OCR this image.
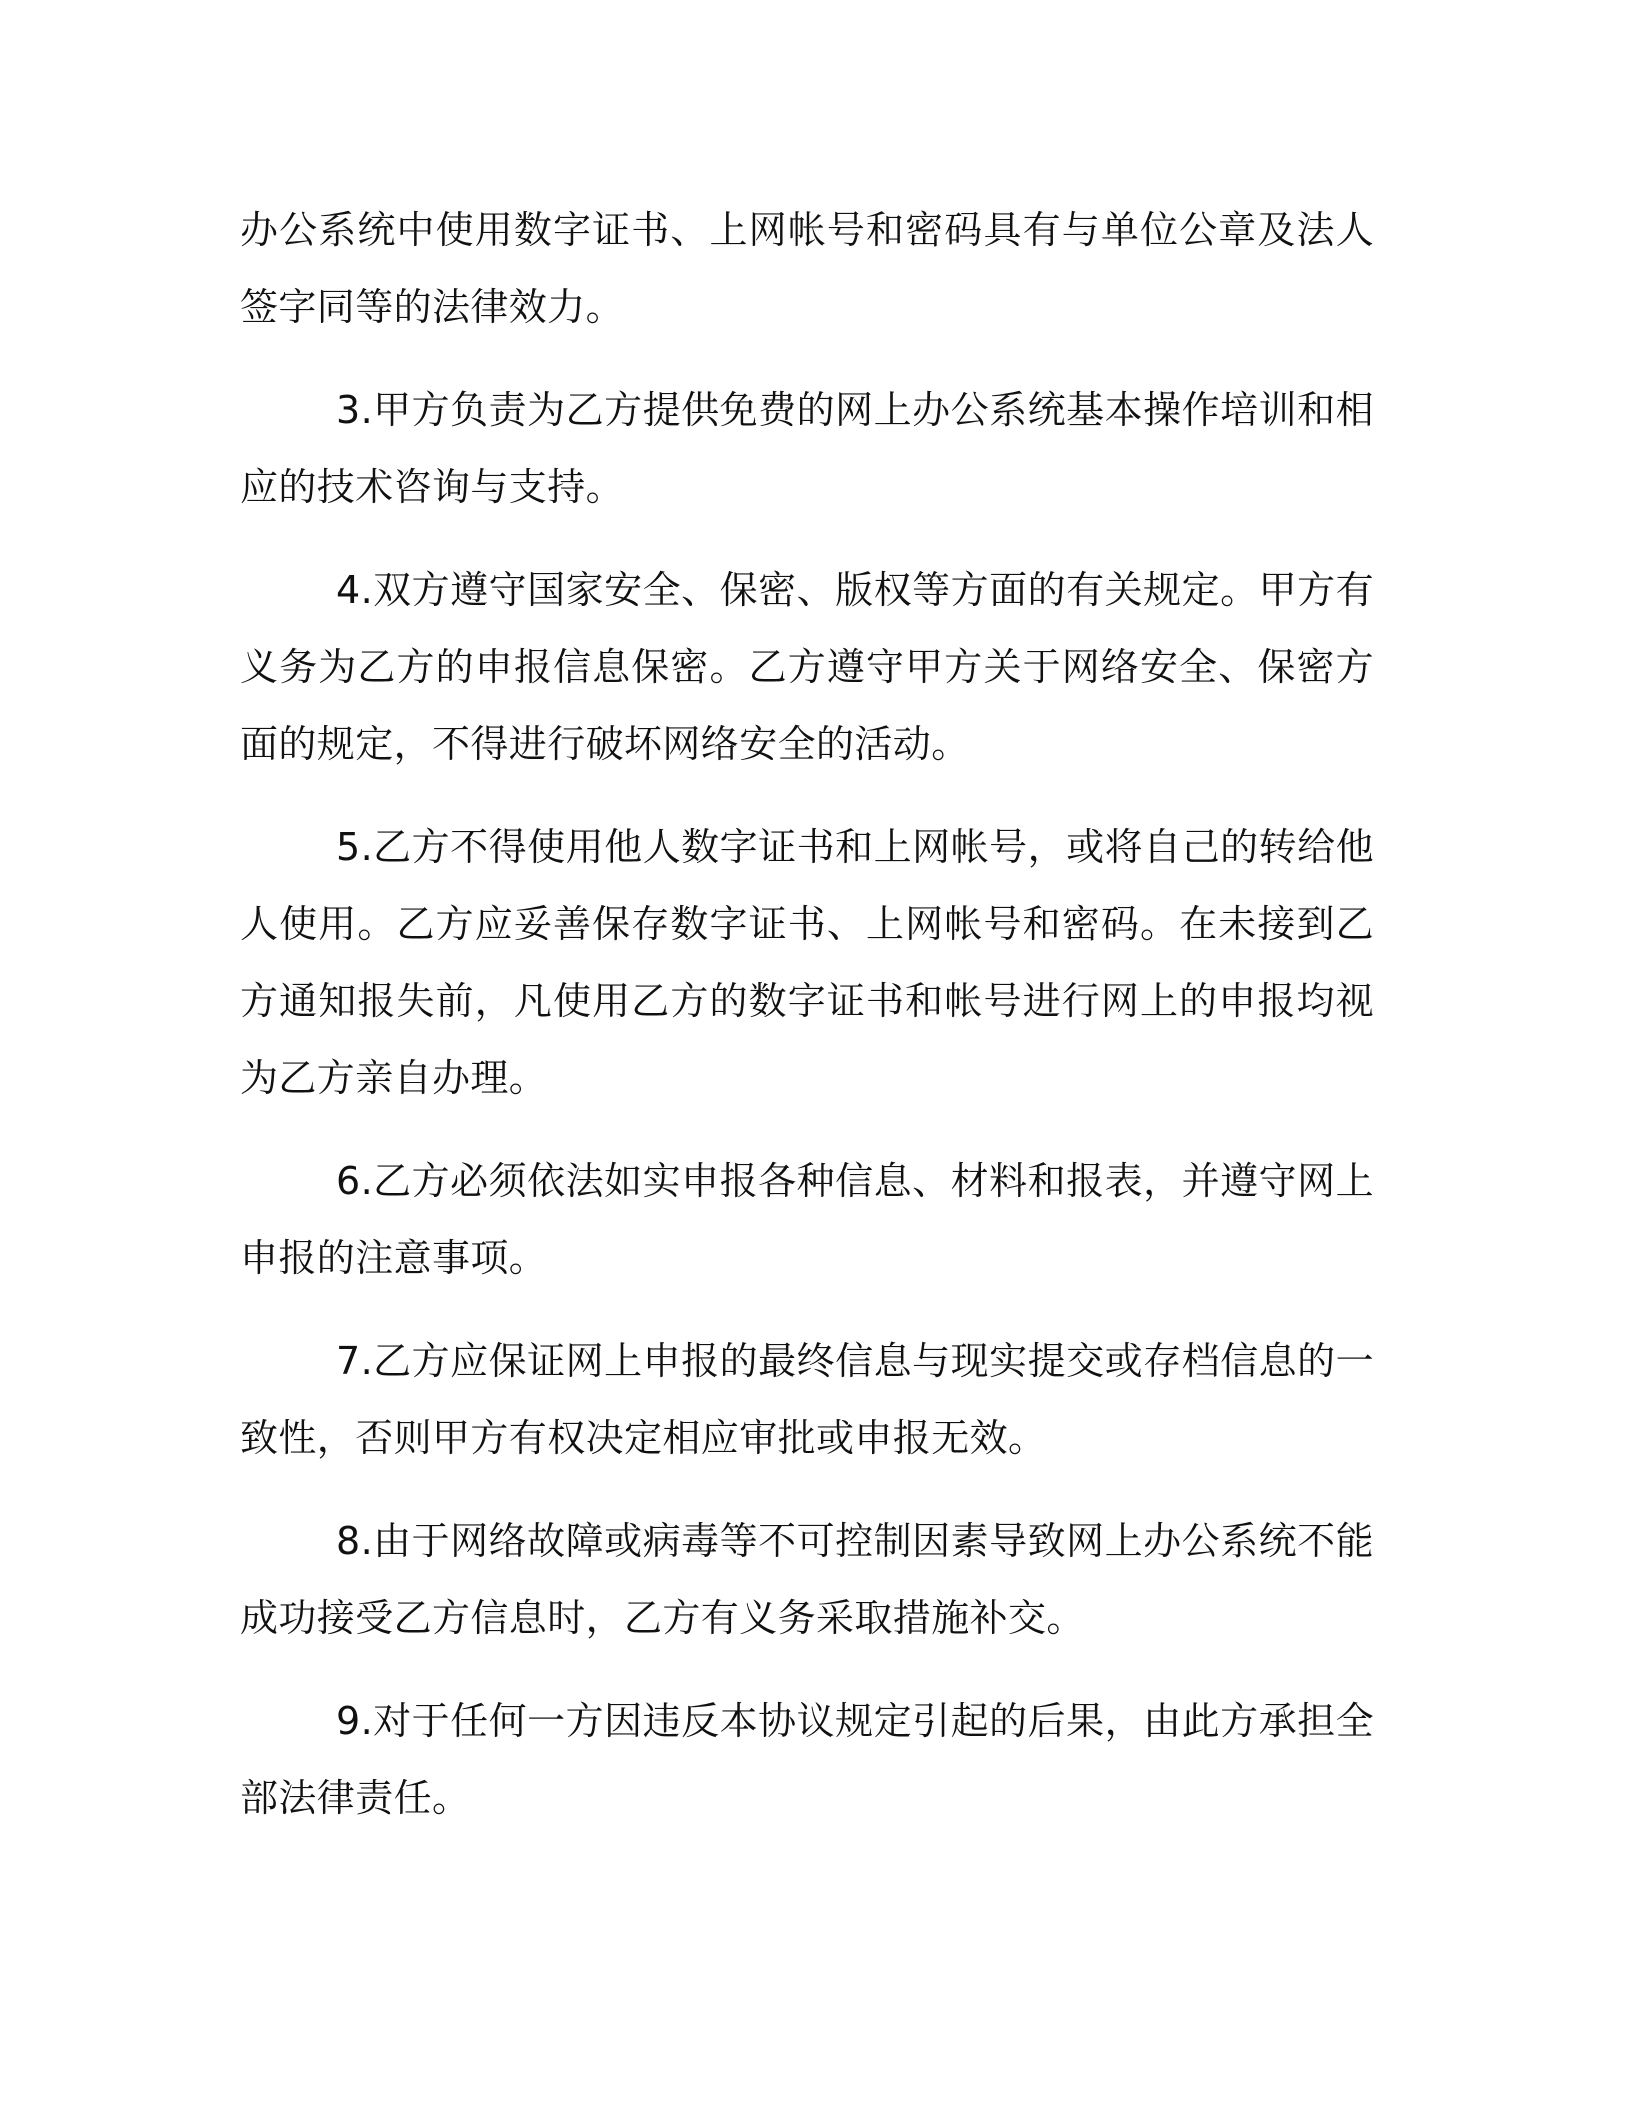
办公系统中使用数字证书、上网帐号和密码具有与单位公章及法人签字同等的法律效力。

3.甲方负责为乙方提供免费的网上办公系统基本操作培训和相应的技术咨询与支持。

4.双方遵守国家安全、保密、版权等方面的有关规定。甲方有义务为乙方的申报信息保密。乙方遵守甲方关于网络安全、保密方面的规定，不得进行破坏网络安全的活动。

5.乙方不得使用他人数字证书和上网帐号，或将自己的转给他人使用。乙方应妥善保存数字证书、上网帐号和密码。在未接到乙方通知报失前，凡使用乙方的数字证书和帐号进行网上的申报均视为乙方亲自办理。

6.乙方必须依法如实申报各种信息、材料和报表，并遵守网上申报的注意事项。

7.乙方应保证网上申报的最终信息与现实提交或存档信息的一致性，否则甲方有权决定相应审批或申报无效。

8.由于网络故障或病毒等不可控制因素导致网上办公系统不能成功接受乙方信息时，乙方有义务采取措施补交。

9.对于任何一方因违反本协议规定引起的后果，由此方承担全部法律责任。
